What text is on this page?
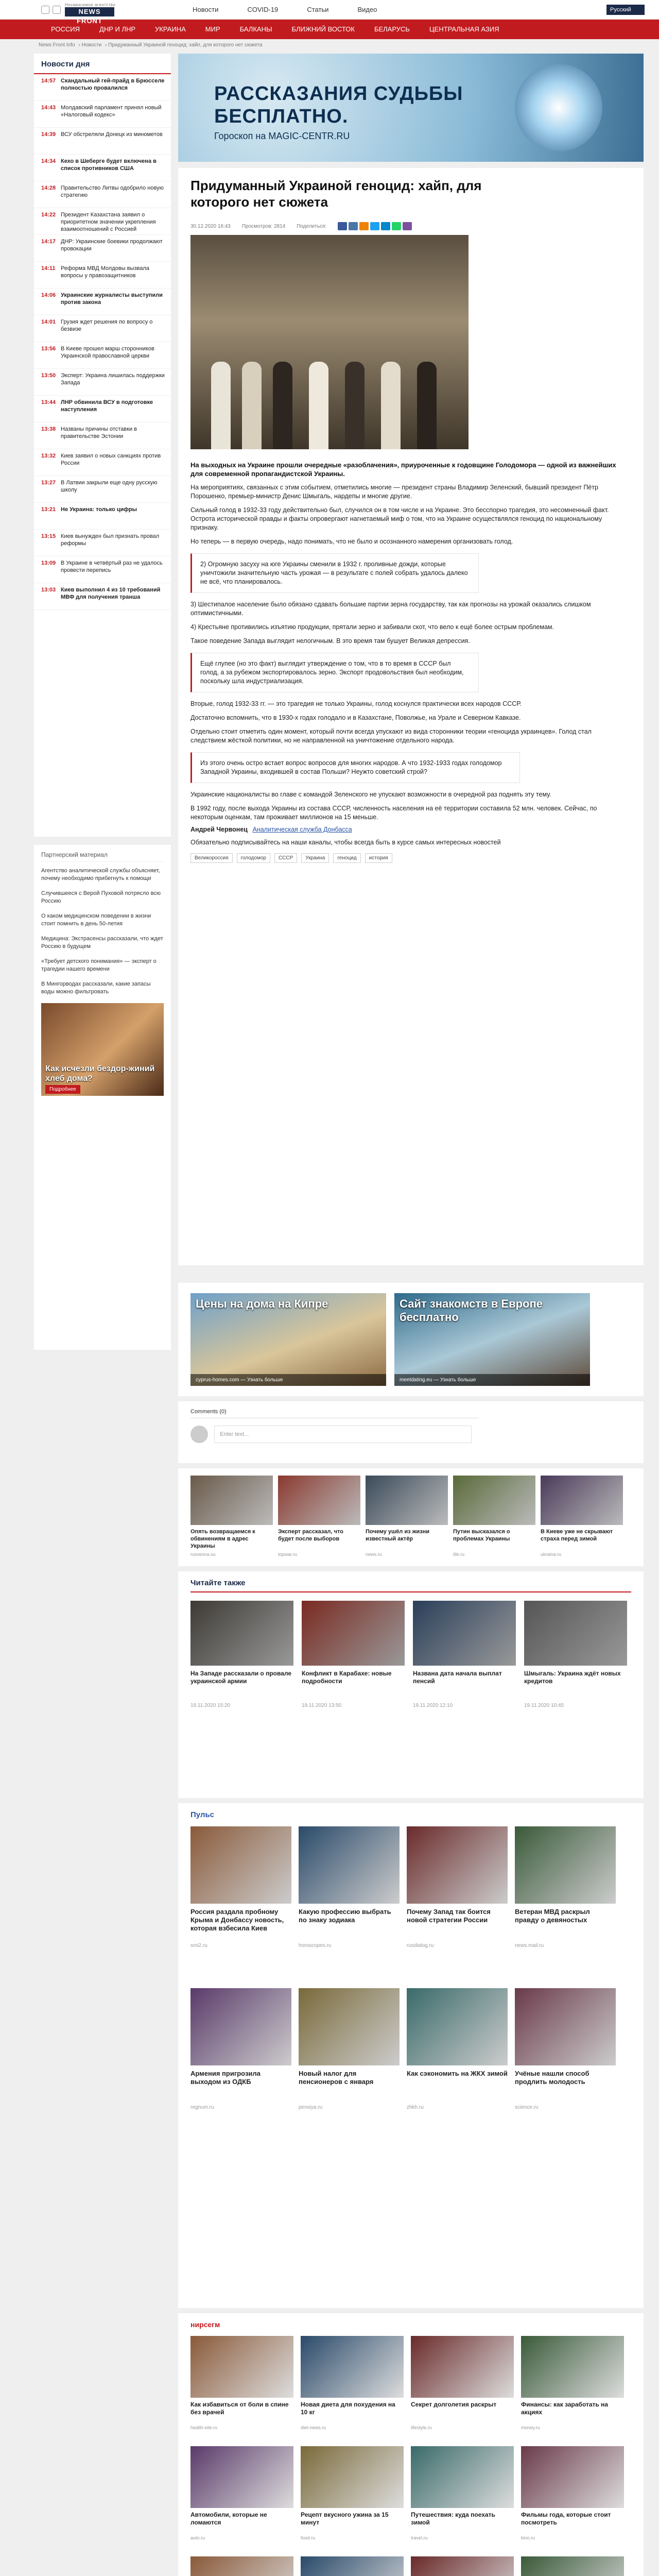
Независимое агентство
NEWS FRONT
Новости	COVID-19	Статьи	Видео	Русский
РОССИЯ	ДНР И ЛНР	УКРАИНА	МИР	БАЛКАНЫ	БЛИЖНИЙ ВОСТОК	БЕЛАРУСЬ	ЦЕНТРАЛЬНАЯ АЗИЯ
News Front Info › Новости › Придуманный Украиной геноцид: хайп, для которого нет сюжета
Новости дня
14:57 Скандальный гей-прайд в Брюсселе полностью провалился
14:43 Молдавский парламент принял новый «Налоговый кодекс»
14:39 ВСУ обстреляли Донецк из минометов
14:34 Кехо в Шеберге будет включена в список противников США
14:28 Правительство Литвы одобрило новую стратегию
14:22 Президент Казахстана заявил о приоритетном значении укрепления взаимоотношений с Россией
14:17 ДНР: Украинские боевики продолжают провокации
14:11 Реформа МВД Молдовы вызвала вопросы у правозащитников
14:06 Украинские журналисты выступили против закона
14:01 Грузия ждет решения по вопросу о безвизе
13:56 В Киеве прошел марш сторонников Украинской православной церкви
13:50 Эксперт: Украина лишилась поддержки Запада
13:44 ЛНР обвинила ВСУ в подготовке наступления
13:38 Названы причины отставки в правительстве Эстонии
13:32 Киев заявил о новых санкциях против России
13:27 В Латвии закрыли еще одну русскую школу
13:21 Не Украина: только цифры
13:15 Киев вынужден был признать провал реформы
13:09 В Украине в четвёртый раз не удалось провести перепись
13:03 Киев выполнил 4 из 10 требований МВФ для получения транша
Партнерский материал
Агентство аналитической службы объясняет, почему необходимо прибегнуть к помощи
Случившееся с Верой Пуховой потрясло всю Россию
О каком медицинском поведении в жизни стоит помнить в день 50-летия
Медицина: Экстрасенсы рассказали, что ждет Россию в будущем
«Требует детского понимания» — эксперт о трагедии нашего времени
В Мингорводах рассказали, какие запасы воды можно фильтровать
Как исчезли бездор-жиний хлеб дома?
Подробнее
РАССКАЗАНИЯ СУДЬБЫ
БЕСПЛАТНО.
Гороскоп на MAGIC-CENTR.RU
Придуманный Украиной геноцид: хайп, для которого нет сюжета
30.12.2020 16:43 Просмотров: 2814 Поделиться:
На выходных на Украине прошли очередные «разоблачения», приуроченные к годовщине Голодомора — одной из важнейших для современной пропагандистской Украины.
На мероприятиях, связанных с этим событием, отметились многие — президент страны Владимир Зеленский, бывший президент Пётр Порошенко, премьер-министр Денис Шмыгаль, нардепы и многие другие.
Сильный голод в 1932-33 году действительно был, случился он в том числе и на Украине. Это бесспорно трагедия, это несомненный факт. Острота исторической правды и факты опровергают нагнетаемый миф о том, что на Украине осуществлялся геноцид по национальному признаку.
Но теперь — в первую очередь, надо понимать, что не было и осознанного намерения организовать голод.
2) Огромную засуху на юге Украины сменили в 1932 г. проливные дожди, которые уничтожили значительную часть урожая — в результате с полей собрать удалось далеко не всё, что планировалось.
3) Шестипалое население было обязано сдавать большие партии зерна государству, так как прогнозы на урожай оказались слишком оптимистичными.
4) Крестьяне противились изъятию продукции, прятали зерно и забивали скот, что вело к ещё более острым проблемам.
Такое поведение Запада выглядит нелогичным. В это время там бушует Великая депрессия.
Ещё глупее (но это факт) выглядит утверждение о том, что в то время в СССР был голод, а за рубежом экспортировалось зерно. Экспорт продовольствия был необходим, поскольку шла индустриализация.
Вторые, голод 1932-33 гг. — это трагедия не только Украины, голод коснулся практически всех народов СССР.
Достаточно вспомнить, что в 1930-х годах голодало и в Казахстане, Поволжье, на Урале и Северном Кавказе.
Отдельно стоит отметить один момент, который почти всегда упускают из вида сторонники теории «геноцида украинцев». Голод стал следствием жёсткой политики, но не направленной на уничтожение отдельного народа.
Из этого очень остро встает вопрос вопросов для многих народов. А что 1932-1933 годах голодомор Западной Украины, входившей в состав Польши? Неужто советский строй?
Украинские националисты во главе с командой Зеленского не упускают возможности в очередной раз поднять эту тему.
В 1992 году, после выхода Украины из состава СССР, численность населения на её территории составила 52 млн. человек. Сейчас, по некоторым оценкам, там проживает миллионов на 15 меньше.
Андрей Червонец Аналитическая служба Донбасса
Обязательно подписывайтесь на наши каналы, чтобы всегда быть в курсе самых интересных новостей
Великороссия	голодомор	СССР	Украина	геноцид	история
Цены на дома на Кипре
cyprus-homes.com — Узнать больше
Сайт знакомств в Европе бесплатно
meetdating.eu — Узнать больше
Comments (0)
Enter text...
Опять возвращаемся к обвинениям в адрес Украины
rusvesna.su
Эксперт рассказал, что будет после выборов
topwar.ru
Почему ушёл из жизни известный актёр
news.ru
Путин высказался о проблемах Украины
life.ru
В Киеве уже не скрывают страха перед зимой
ukraina.ru
Читайте также
На Западе рассказали о провале украинской армии
19.11.2020 15:20
Конфликт в Карабахе: новые подробности
19.11.2020 13:50
Названа дата начала выплат пенсий
19.11.2020 12:10
Шмыгаль: Украина ждёт новых кредитов
19.11.2020 10:45
Пульс
Россия раздала пробному Крыма и Донбассу новость, которая взбесила Киев
smi2.ru
Какую профессию выбрать по знаку зодиака
horoscopes.ru
Почему Запад так боится новой стратегии России
rusdialog.ru
Ветеран МВД раскрыл правду о девяностых
news.mail.ru
Армения пригрозила выходом из ОДКБ
regnum.ru
Новый налог для пенсионеров с января
pensiya.ru
Как сэкономить на ЖКХ зимой
zhkh.ru
Учёные нашли способ продлить молодость
science.ru
нирсегм
Как избавиться от боли в спине без врачей
health-site.ru
Новая диета для похудения на 10 кг
diet-news.ru
Секрет долголетия раскрыт
lifestyle.ru
Финансы: как заработать на акциях
money.ru
Автомобили, которые не ломаются
auto.ru
Рецепт вкусного ужина за 15 минут
food.ru
Путешествия: куда поехать зимой
travel.ru
Фильмы года, которые стоит посмотреть
kino.ru
